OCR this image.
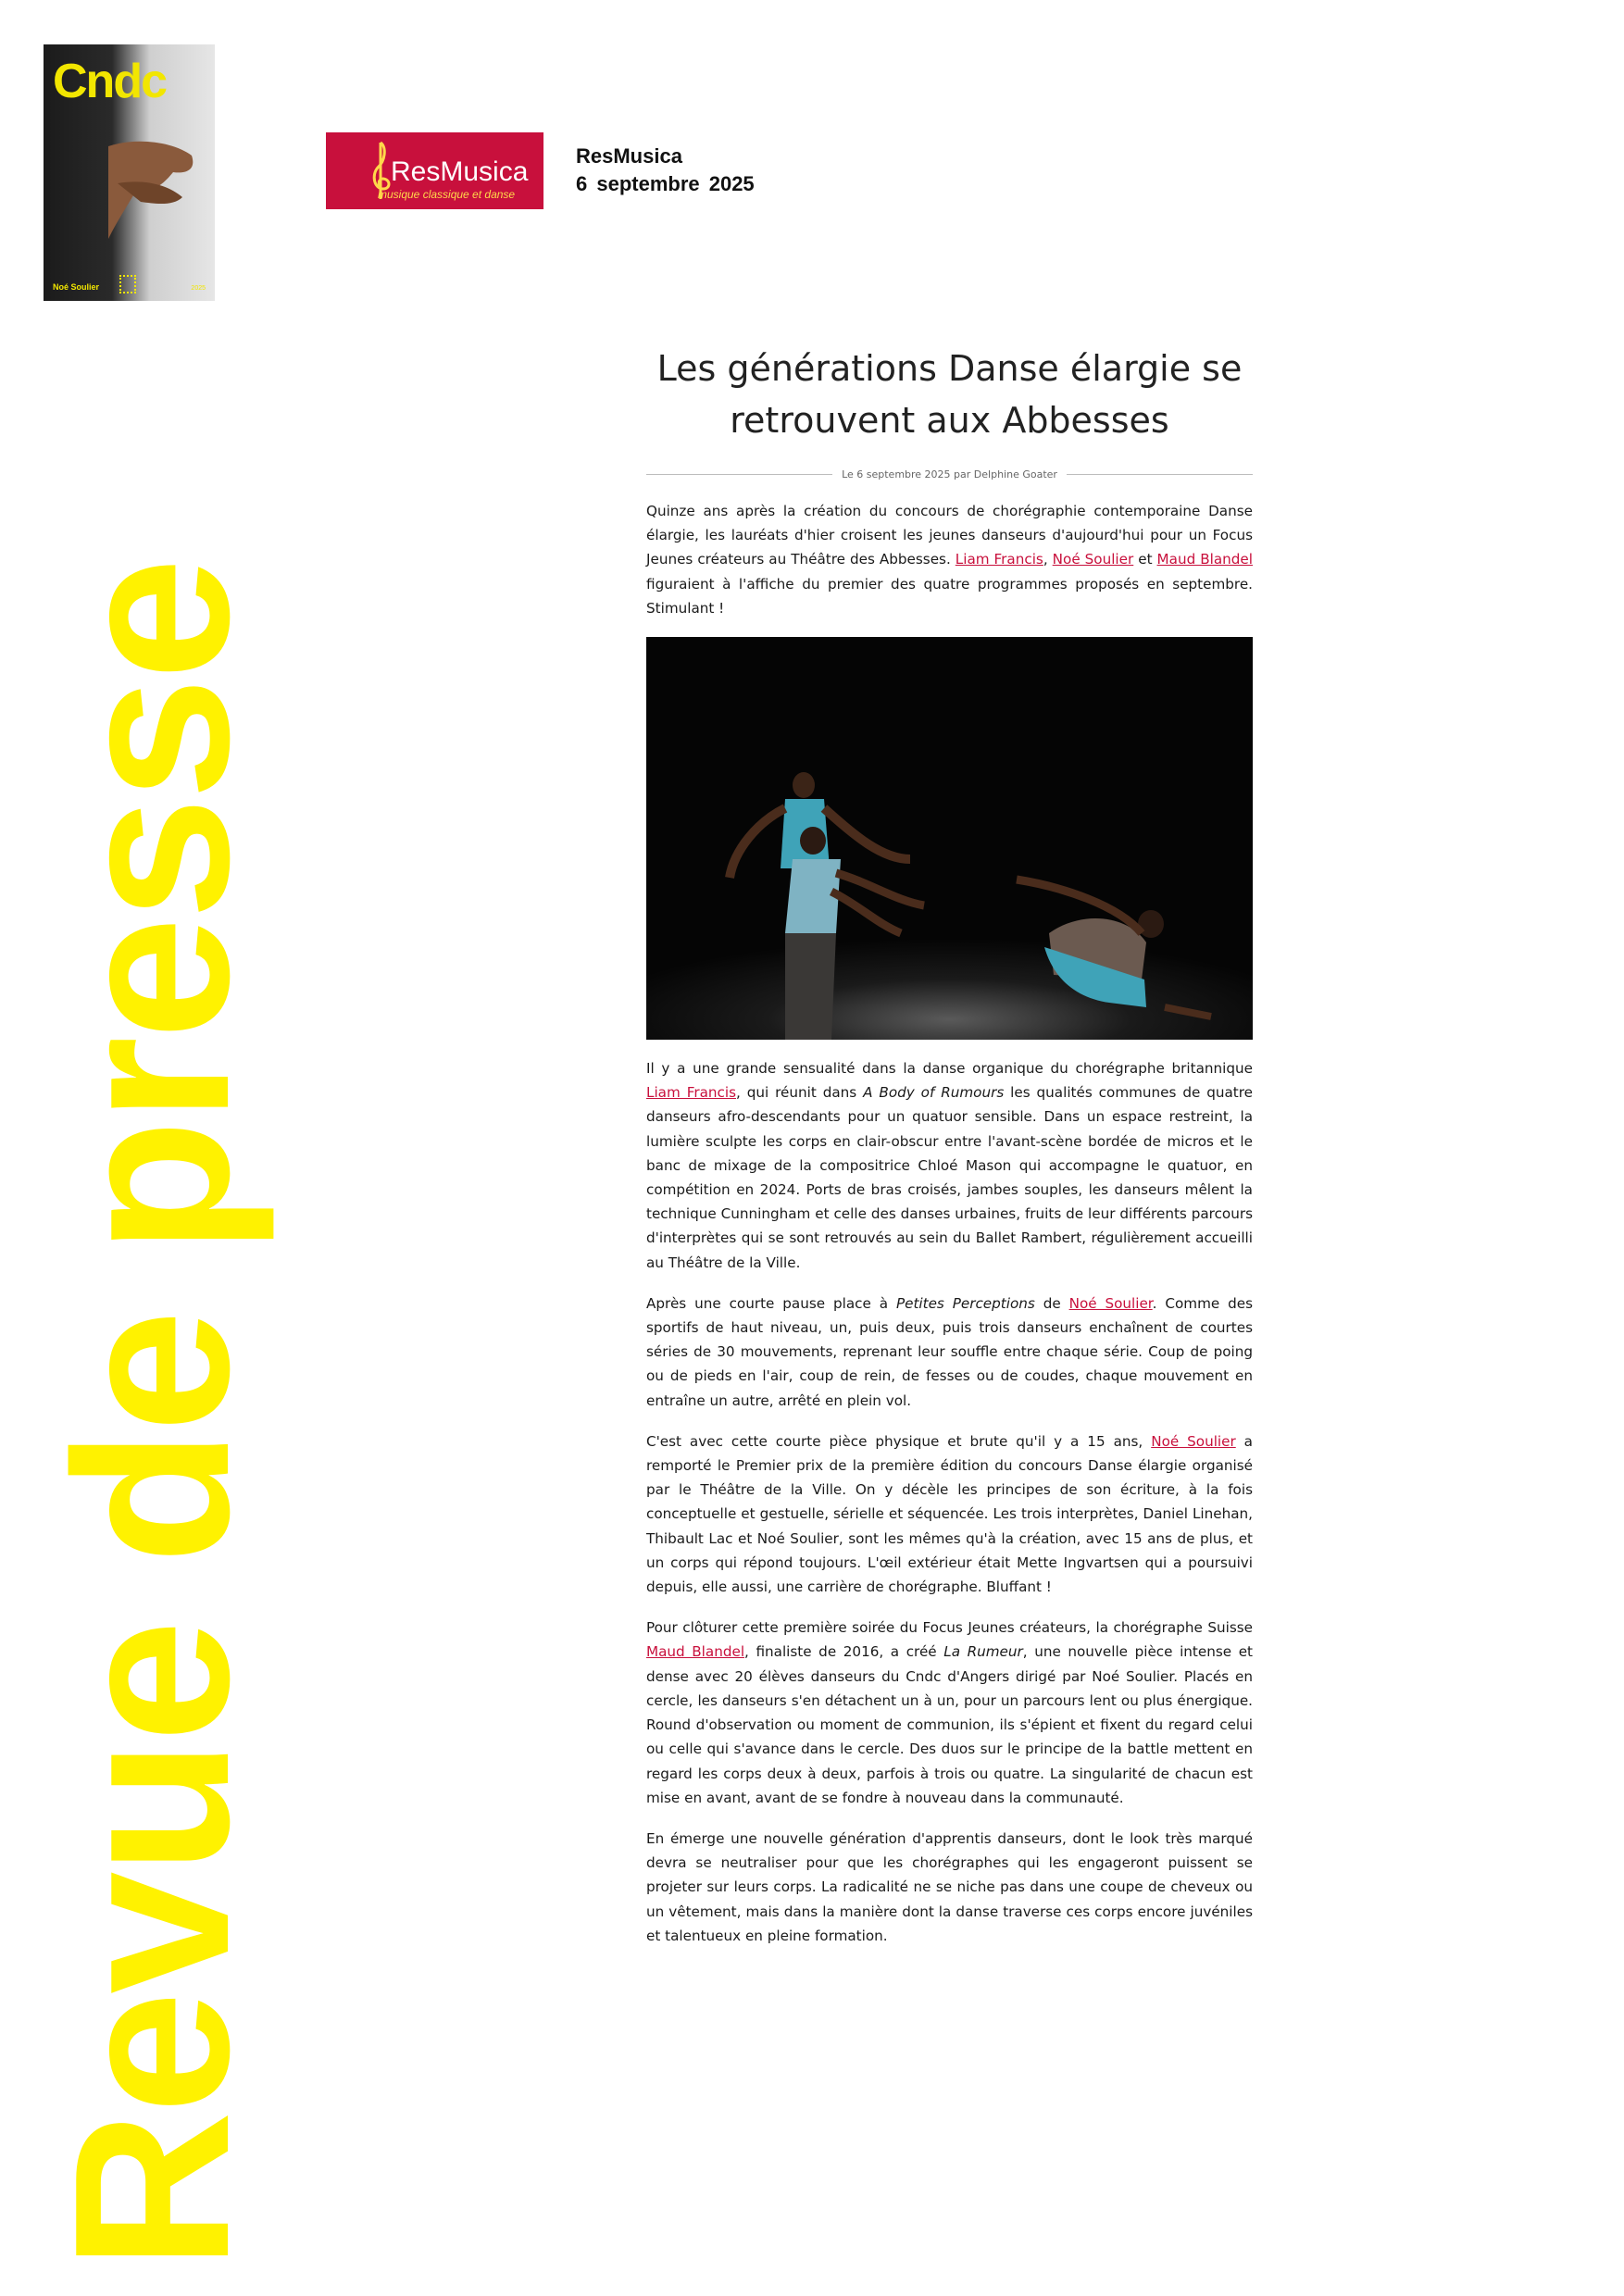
Cndc
Noé Soulier	2025
Revue de presse
ResMusica
musique classique et danse
ResMusica
6 septembre 2025
Les générations Danse élargie se retrouvent aux Abbesses
Le 6 septembre 2025 par Delphine Goater

Quinze ans après la création du concours de chorégraphie contemporaine Danse élargie, les lauréats d'hier croisent les jeunes danseurs d'aujourd'hui pour un Focus Jeunes créateurs au Théâtre des Abbesses. Liam Francis, Noé Soulier et Maud Blandel figuraient à l'affiche du premier des quatre programmes proposés en septembre. Stimulant !

Il y a une grande sensualité dans la danse organique du chorégraphe britannique Liam Francis, qui réunit dans A Body of Rumours les qualités communes de quatre danseurs afro-descendants pour un quatuor sensible. Dans un espace restreint, la lumière sculpte les corps en clair-obscur entre l'avant-scène bordée de micros et le banc de mixage de la compositrice Chloé Mason qui accompagne le quatuor, en compétition en 2024. Ports de bras croisés, jambes souples, les danseurs mêlent la technique Cunningham et celle des danses urbaines, fruits de leur différents parcours d'interprètes qui se sont retrouvés au sein du Ballet Rambert, régulièrement accueilli au Théâtre de la Ville.

Après une courte pause place à Petites Perceptions de Noé Soulier. Comme des sportifs de haut niveau, un, puis deux, puis trois danseurs enchaînent de courtes séries de 30 mouvements, reprenant leur souffle entre chaque série. Coup de poing ou de pieds en l'air, coup de rein, de fesses ou de coudes, chaque mouvement en entraîne un autre, arrêté en plein vol.

C'est avec cette courte pièce physique et brute qu'il y a 15 ans, Noé Soulier a remporté le Premier prix de la première édition du concours Danse élargie organisé par le Théâtre de la Ville. On y décèle les principes de son écriture, à la fois conceptuelle et gestuelle, sérielle et séquencée. Les trois interprètes, Daniel Linehan, Thibault Lac et Noé Soulier, sont les mêmes qu'à la création, avec 15 ans de plus, et un corps qui répond toujours. L'œil extérieur était Mette Ingvartsen qui a poursuivi depuis, elle aussi, une carrière de chorégraphe. Bluffant !

Pour clôturer cette première soirée du Focus Jeunes créateurs, la chorégraphe Suisse Maud Blandel, finaliste de 2016, a créé La Rumeur, une nouvelle pièce intense et dense avec 20 élèves danseurs du Cndc d'Angers dirigé par Noé Soulier. Placés en cercle, les danseurs s'en détachent un à un, pour un parcours lent ou plus énergique. Round d'observation ou moment de communion, ils s'épient et fixent du regard celui ou celle qui s'avance dans le cercle. Des duos sur le principe de la battle mettent en regard les corps deux à deux, parfois à trois ou quatre. La singularité de chacun est mise en avant, avant de se fondre à nouveau dans la communauté.

En émerge une nouvelle génération d'apprentis danseurs, dont le look très marqué devra se neutraliser pour que les chorégraphes qui les engageront puissent se projeter sur leurs corps. La radicalité ne se niche pas dans une coupe de cheveux ou un vêtement, mais dans la manière dont la danse traverse ces corps encore juvéniles et talentueux en pleine formation.
